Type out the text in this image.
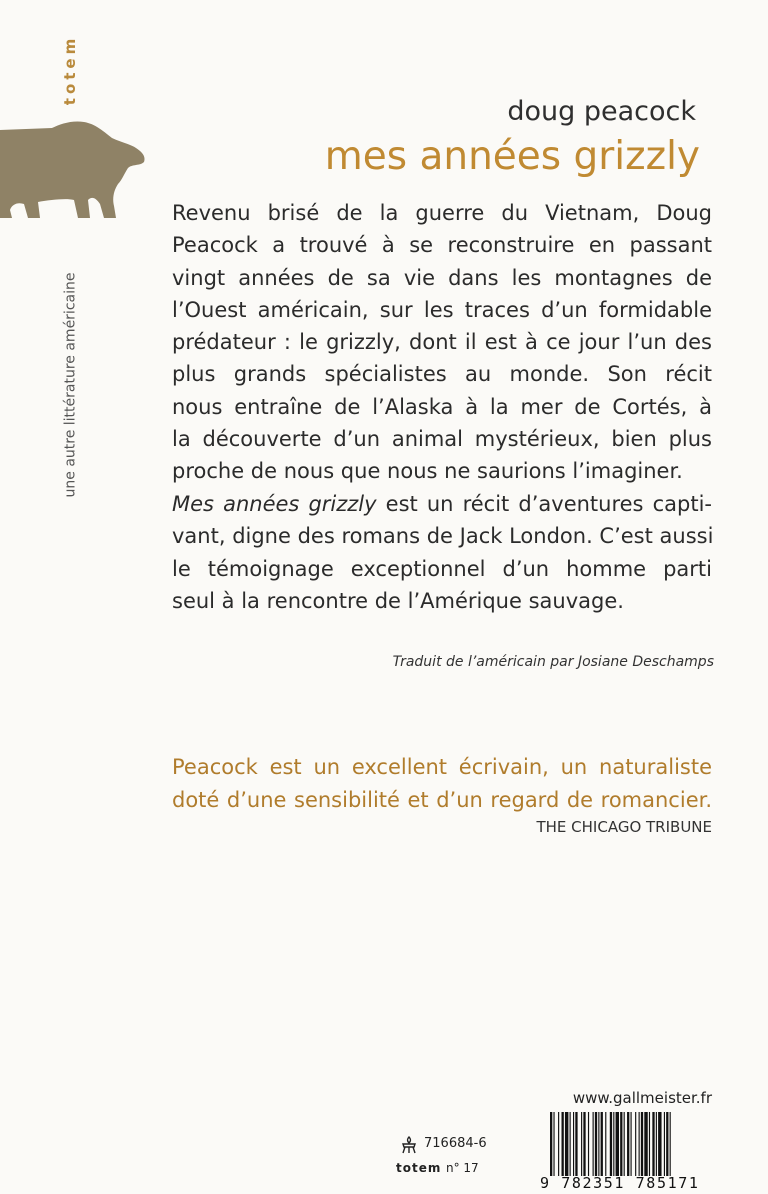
totem
une autre littérature américaine
doug peacock
mes années grizzly

Revenu brisé de la guerre du Vietnam, Doug
Peacock a trouvé à se reconstruire en passant
vingt années de sa vie dans les montagnes de
l’Ouest américain, sur les traces d’un formidable
prédateur : le grizzly, dont il est à ce jour l’un des
plus grands spécialistes au monde. Son récit
nous entraîne de l’Alaska à la mer de Cortés, à
la découverte d’un animal mystérieux, bien plus
proche de nous que nous ne saurions l’imaginer.

Mes années grizzly est un récit d’aventures capti-
vant, digne des romans de Jack London. C’est aussi
le témoignage exceptionnel d’un homme parti
seul à la rencontre de l’Amérique sauvage.

Traduit de l’américain par Josiane Deschamps

Peacock est un excellent écrivain, un naturaliste
doté d’une sensibilité et d’un regard de romancier.

THE CHICAGO TRIBUNE
www.gallmeister.fr
716684-6
totem n° 17
9 782351 785171
